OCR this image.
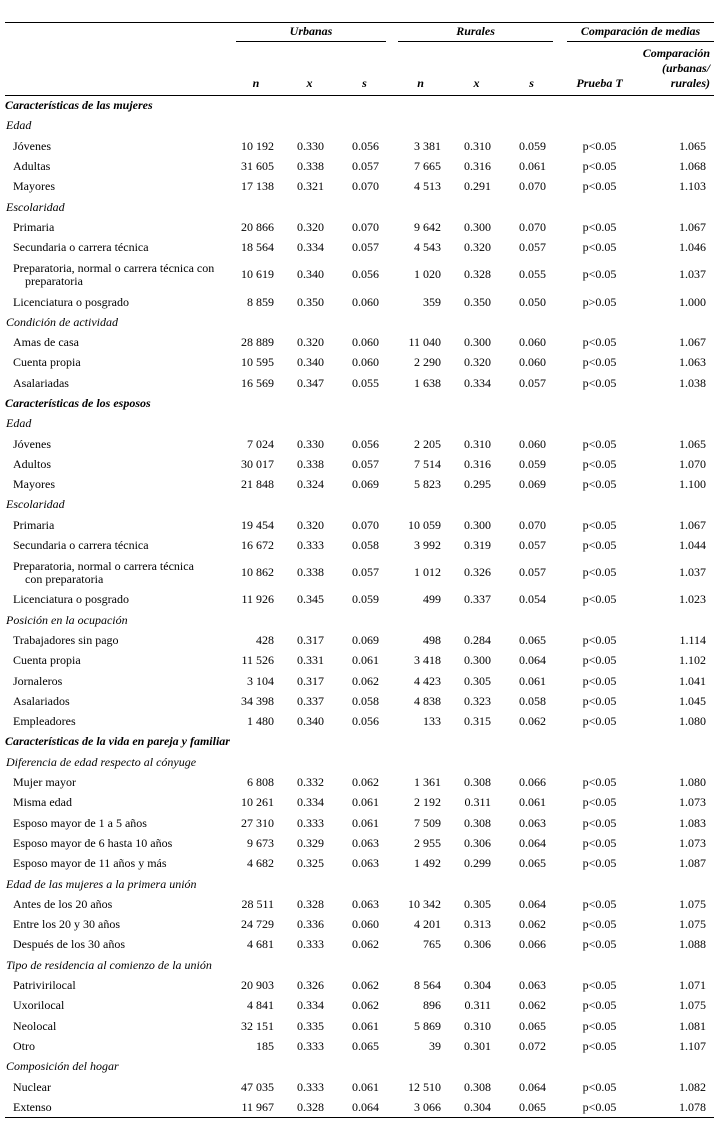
	Urbanas			Rurales			Comparación de medias	

	n	x	s	n	x	s	Prueba T	Comparación (urbanas/ rurales)
Características de las mujeres								
Edad								
Jóvenes	10 192	0.330	0.056	3 381	0.310	0.059	p<0.05	1.065
Adultas	31 605	0.338	0.057	7 665	0.316	0.061	p<0.05	1.068
Mayores	17 138	0.321	0.070	4 513	0.291	0.070	p<0.05	1.103
Escolaridad								
Primaria	20 866	0.320	0.070	9 642	0.300	0.070	p<0.05	1.067
Secundaria o carrera técnica	18 564	0.334	0.057	4 543	0.320	0.057	p<0.05	1.046

Preparatoria, normal o carrera técnica con
preparatoria	10 619	0.340	0.056	1 020	0.328	0.055	p<0.05	1.037
Licenciatura o posgrado	8 859	0.350	0.060	359	0.350	0.050	p>0.05	1.000
Condición de actividad								
Amas de casa	28 889	0.320	0.060	11 040	0.300	0.060	p<0.05	1.067
Cuenta propia	10 595	0.340	0.060	2 290	0.320	0.060	p<0.05	1.063
Asalariadas	16 569	0.347	0.055	1 638	0.334	0.057	p<0.05	1.038
Características de los esposos								
Edad								
Jóvenes	7 024	0.330	0.056	2 205	0.310	0.060	p<0.05	1.065
Adultos	30 017	0.338	0.057	7 514	0.316	0.059	p<0.05	1.070
Mayores	21 848	0.324	0.069	5 823	0.295	0.069	p<0.05	1.100
Escolaridad								
Primaria	19 454	0.320	0.070	10 059	0.300	0.070	p<0.05	1.067
Secundaria o carrera técnica	16 672	0.333	0.058	3 992	0.319	0.057	p<0.05	1.044

Preparatoria, normal o carrera técnica
con preparatoria	10 862	0.338	0.057	1 012	0.326	0.057	p<0.05	1.037
Licenciatura o posgrado	11 926	0.345	0.059	499	0.337	0.054	p<0.05	1.023
Posición en la ocupación								
Trabajadores sin pago	428	0.317	0.069	498	0.284	0.065	p<0.05	1.114
Cuenta propia	11 526	0.331	0.061	3 418	0.300	0.064	p<0.05	1.102
Jornaleros	3 104	0.317	0.062	4 423	0.305	0.061	p<0.05	1.041
Asalariados	34 398	0.337	0.058	4 838	0.323	0.058	p<0.05	1.045
Empleadores	1 480	0.340	0.056	133	0.315	0.062	p<0.05	1.080
Características de la vida en pareja y familiar								
Diferencia de edad respecto al cónyuge								
Mujer mayor	6 808	0.332	0.062	1 361	0.308	0.066	p<0.05	1.080
Misma edad	10 261	0.334	0.061	2 192	0.311	0.061	p<0.05	1.073
Esposo mayor de 1 a 5 años	27 310	0.333	0.061	7 509	0.308	0.063	p<0.05	1.083
Esposo mayor de 6 hasta 10 años	9 673	0.329	0.063	2 955	0.306	0.064	p<0.05	1.073
Esposo mayor de 11 años y más	4 682	0.325	0.063	1 492	0.299	0.065	p<0.05	1.087
Edad de las mujeres a la primera unión								
Antes de los 20 años	28 511	0.328	0.063	10 342	0.305	0.064	p<0.05	1.075
Entre los 20 y 30 años	24 729	0.336	0.060	4 201	0.313	0.062	p<0.05	1.075
Después de los 30 años	4 681	0.333	0.062	765	0.306	0.066	p<0.05	1.088
Tipo de residencia al comienzo de la unión								
Patrivirilocal	20 903	0.326	0.062	8 564	0.304	0.063	p<0.05	1.071
Uxorilocal	4 841	0.334	0.062	896	0.311	0.062	p<0.05	1.075
Neolocal	32 151	0.335	0.061	5 869	0.310	0.065	p<0.05	1.081
Otro	185	0.333	0.065	39	0.301	0.072	p<0.05	1.107
Composición del hogar								
Nuclear	47 035	0.333	0.061	12 510	0.308	0.064	p<0.05	1.082
Extenso	11 967	0.328	0.064	3 066	0.304	0.065	p<0.05	1.078
